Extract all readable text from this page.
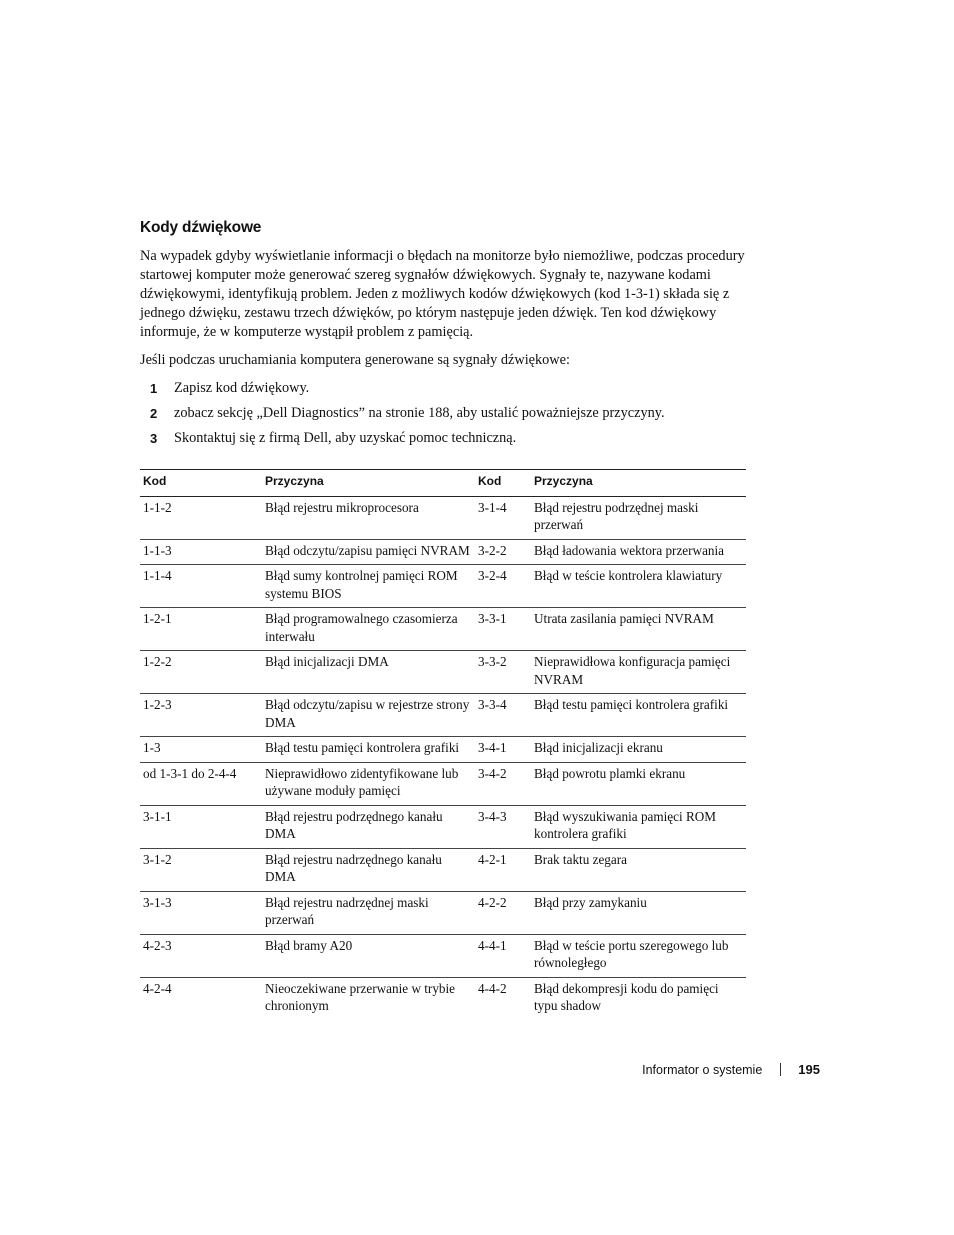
Kody dźwiękowe

Na wypadek gdyby wyświetlanie informacji o błędach na monitorze było niemożliwe, podczas procedury startowej komputer może generować szereg sygnałów dźwiękowych. Sygnały te, nazywane kodami dźwiękowymi, identyfikują problem. Jeden z możliwych kodów dźwiękowych (kod 1-3-1) składa się z jednego dźwięku, zestawu trzech dźwięków, po którym następuje jeden dźwięk. Ten kod dźwiękowy informuje, że w komputerze wystąpił problem z pamięcią.

Jeśli podczas uruchamiania komputera generowane są sygnały dźwiękowe:

1 Zapisz kod dźwiękowy.
2 zobacz sekcję „Dell Diagnostics” na stronie 188, aby ustalić poważniejsze przyczyny.
3 Skontaktuj się z firmą Dell, aby uzyskać pomoc techniczną.
Kod	Przyczyna	Kod	Przyczyna
1-1-2	Błąd rejestru mikroprocesora	3-1-4	Błąd rejestru podrzędnej maski przerwań
1-1-3	Błąd odczytu/zapisu pamięci NVRAM	3-2-2	Błąd ładowania wektora przerwania
1-1-4	Błąd sumy kontrolnej pamięci ROM systemu BIOS	3-2-4	Błąd w teście kontrolera klawiatury
1-2-1	Błąd programowalnego czasomierza interwału	3-3-1	Utrata zasilania pamięci NVRAM
1-2-2	Błąd inicjalizacji DMA	3-3-2	Nieprawidłowa konfiguracja pamięci NVRAM
1-2-3	Błąd odczytu/zapisu w rejestrze strony DMA	3-3-4	Błąd testu pamięci kontrolera grafiki
1-3	Błąd testu pamięci kontrolera grafiki	3-4-1	Błąd inicjalizacji ekranu
od 1-3-1 do 2-4-4	Nieprawidłowo zidentyfikowane lub używane moduły pamięci	3-4-2	Błąd powrotu plamki ekranu
3-1-1	Błąd rejestru podrzędnego kanału DMA	3-4-3	Błąd wyszukiwania pamięci ROM kontrolera grafiki
3-1-2	Błąd rejestru nadrzędnego kanału DMA	4-2-1	Brak taktu zegara
3-1-3	Błąd rejestru nadrzędnej maski przerwań	4-2-2	Błąd przy zamykaniu
4-2-3	Błąd bramy A20	4-4-1	Błąd w teście portu szeregowego lub równoległego
4-2-4	Nieoczekiwane przerwanie w trybie chronionym	4-4-2	Błąd dekompresji kodu do pamięci typu shadow
Informator o systemie	195
